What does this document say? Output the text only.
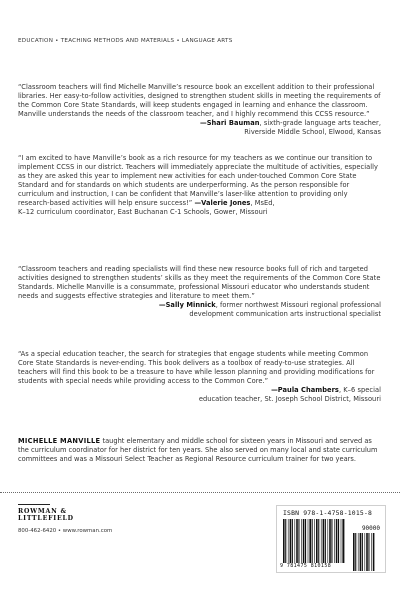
EDUCATION • TEACHING METHODS AND MATERIALS • LANGUAGE ARTS

“Classroom teachers will find Michelle Manville’s resource book an excellent addition to their professional libraries. Her easy-to-follow activities, designed to strengthen student skills in meeting the requirements of the Common Core State Standards, will keep students engaged in learning and enhance the classroom. Manville understands the needs of the classroom teacher, and I highly recommend this CCSS resource.”

—Shari Bauman, sixth-grade language arts teacher,
Riverside Middle School, Elwood, Kansas

“I am excited to have Manville’s book as a rich resource for my teachers as we continue our transition to implement CCSS in our district. Teachers will immediately appreciate the multitude of activities, especially as they are asked this year to implement new activities for each under-touched Common Core State Standard and for standards on which students are underperforming. As the person responsible for curriculum and instruction, I can be confident that Manville’s laser-like attention to providing only research-based activities will help ensure success!” —Valerie Jones, MsEd,

K–12 curriculum coordinator, East Buchanan C-1 Schools, Gower, Missouri

“Classroom teachers and reading specialists will find these new resource books full of rich and targeted activities designed to strengthen students’ skills as they meet the requirements of the Common Core State Standards. Michelle Manville is a consummate, professional Missouri educator who understands student needs and suggests effective strategies and literature to meet them.”

—Sally Minnick, former northwest Missouri regional professional
development communication arts instructional specialist

“As a special education teacher, the search for strategies that engage students while meeting Common Core State Standards is never-ending. This book delivers as a toolbox of ready-to-use strategies. All teachers will find this book to be a treasure to have while lesson planning and providing modifications for students with special needs while providing access to the Common Core.”

—Paula Chambers, K–6 special
education teacher, St. Joseph School District, Missouri

MICHELLE MANVILLE taught elementary and middle school for sixteen years in Missouri and served as the curriculum coordinator for her district for ten years. She also served on many local and state curriculum committees and was a Missouri Select Teacher as Regional Resource curriculum trainer for two years.
ROWMAN &
LITTLEFIELD
800-462-6420 • www.rowman.com
ISBN 978-1-4758-1015-8
90000
9 781475 810158
